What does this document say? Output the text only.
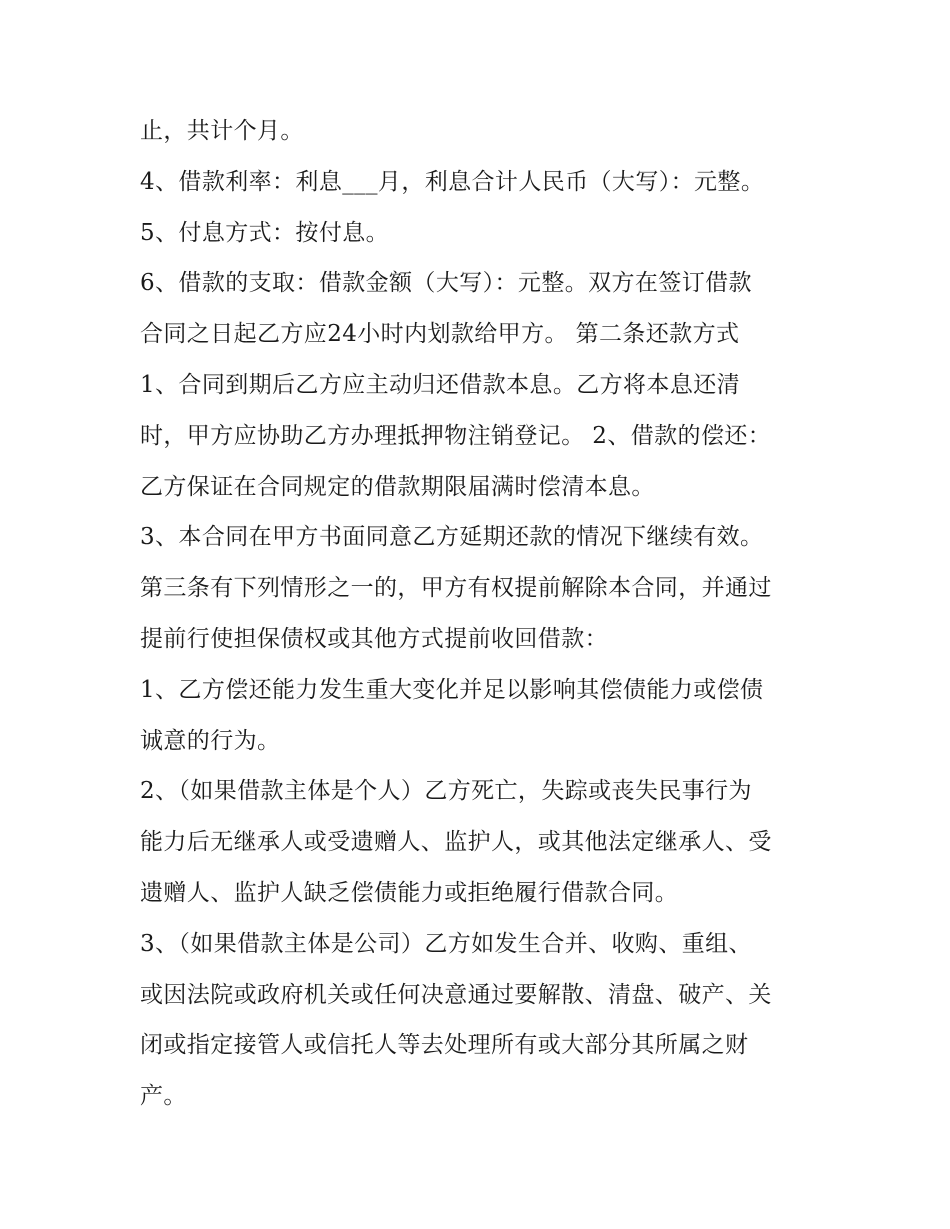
止，共计个月。
4、借款利率：利息___月，利息合计人民币（大写）：元整。
5、付息方式：按付息。
6、借款的支取：借款金额（大写）：元整。双方在签订借款
合同之日起乙方应24小时内划款给甲方。 第二条还款方式
1、合同到期后乙方应主动归还借款本息。乙方将本息还清
时，甲方应协助乙方办理抵押物注销登记。 2、借款的偿还：
乙方保证在合同规定的借款期限届满时偿清本息。
3、本合同在甲方书面同意乙方延期还款的情况下继续有效。
第三条有下列情形之一的，甲方有权提前解除本合同，并通过
提前行使担保债权或其他方式提前收回借款：
1、乙方偿还能力发生重大变化并足以影响其偿债能力或偿债
诚意的行为。
2、（如果借款主体是个人）乙方死亡，失踪或丧失民事行为
能力后无继承人或受遗赠人、监护人，或其他法定继承人、受
遗赠人、监护人缺乏偿债能力或拒绝履行借款合同。
3、（如果借款主体是公司）乙方如发生合并、收购、重组、
或因法院或政府机关或任何决意通过要解散、清盘、破产、关
闭或指定接管人或信托人等去处理所有或大部分其所属之财
产。
